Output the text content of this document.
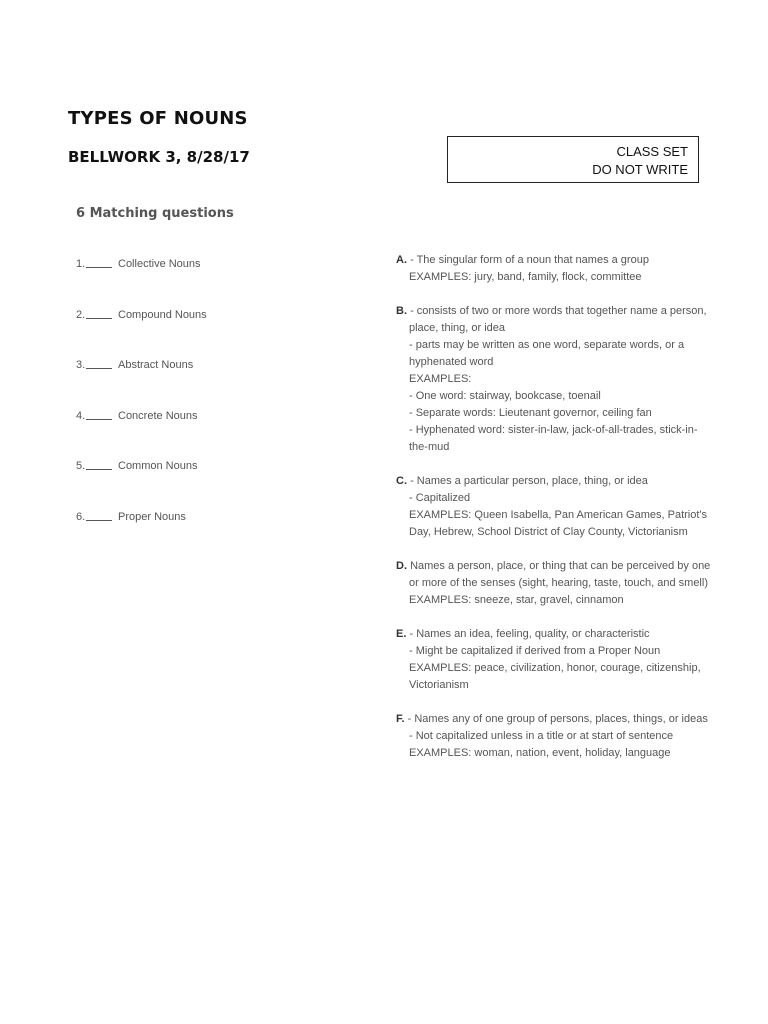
TYPES OF NOUNS
BELLWORK 3, 8/28/17	CLASS SET
DO NOT WRITE
6 Matching questions
1.	Collective Nouns
2.	Compound Nouns
3.	Abstract Nouns
4.	Concrete Nouns
5.	Common Nouns
6.	Proper Nouns
A. - The singular form of a noun that names a group
EXAMPLES: jury, band, family, flock, committee
B. - consists of two or more words that together name a person,
place, thing, or idea
- parts may be written as one word, separate words, or a
hyphenated word
EXAMPLES:
- One word: stairway, bookcase, toenail
- Separate words: Lieutenant governor, ceiling fan
- Hyphenated word: sister-in-law, jack-of-all-trades, stick-in-
the-mud
C. - Names a particular person, place, thing, or idea
- Capitalized
EXAMPLES: Queen Isabella, Pan American Games, Patriot's
Day, Hebrew, School District of Clay County, Victorianism
D. Names a person, place, or thing that can be perceived by one
or more of the senses (sight, hearing, taste, touch, and smell)
EXAMPLES: sneeze, star, gravel, cinnamon
E. - Names an idea, feeling, quality, or characteristic
- Might be capitalized if derived from a Proper Noun
EXAMPLES: peace, civilization, honor, courage, citizenship,
Victorianism
F. - Names any of one group of persons, places, things, or ideas
- Not capitalized unless in a title or at start of sentence
EXAMPLES: woman, nation, event, holiday, language
